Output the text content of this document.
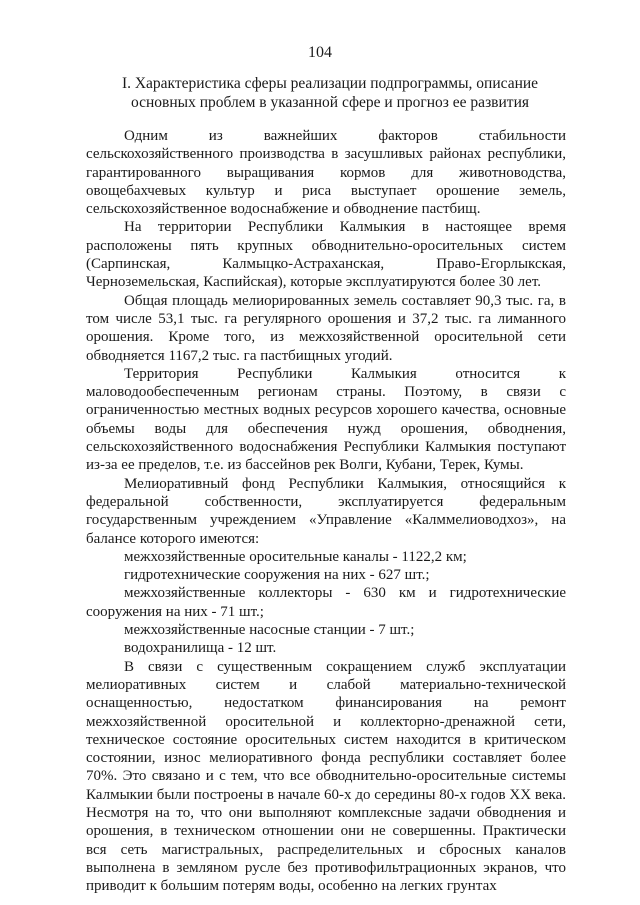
104
I. Характеристика сферы реализации подпрограммы, описание основных проблем в указанной сфере и прогноз ее развития

Одним из важнейших факторов стабильности сельскохозяйственного производства в засушливых районах республики, гарантированного выращивания кормов для животноводства, овощебахчевых культур и риса выступает орошение земель, сельскохозяйственное водоснабжение и обводнение пастбищ.

На территории Республики Калмыкия в настоящее время расположены пять крупных обводнительно-оросительных систем (Сарпинская, Калмыцко-Астраханская, Право-Егорлыкская, Черноземельская, Каспийская), которые эксплуатируются более 30 лет.

Общая площадь мелиорированных земель составляет 90,3 тыс. га, в том числе 53,1 тыс. га регулярного орошения и 37,2 тыс. га лиманного орошения. Кроме того, из межхозяйственной оросительной сети обводняется 1167,2 тыс. га пастбищных угодий.

Территория Республики Калмыкия относится к маловодообеспеченным регионам страны. Поэтому, в связи с ограниченностью местных водных ресурсов хорошего качества, основные объемы воды для обеспечения нужд орошения, обводнения, сельскохозяйственного водоснабжения Республики Калмыкия поступают из-за ее пределов, т.е. из бассейнов рек Волги, Кубани, Терек, Кумы.

Мелиоративный фонд Республики Калмыкия, относящийся к федеральной собственности, эксплуатируется федеральным государственным учреждением «Управление «Калммелиоводхоз», на балансе которого имеются:

межхозяйственные оросительные каналы - 1122,2 км;

гидротехнические сооружения на них - 627 шт.;

межхозяйственные коллекторы - 630 км и гидротехнические сооружения на них - 71 шт.;

межхозяйственные насосные станции - 7 шт.;

водохранилища - 12 шт.

В связи с существенным сокращением служб эксплуатации мелиоративных систем и слабой материально-технической оснащенностью, недостатком финансирования на ремонт межхозяйственной оросительной и коллекторно-дренажной сети, техническое состояние оросительных систем находится в критическом состоянии, износ мелиоративного фонда республики составляет более 70%. Это связано и с тем, что все обводнительно-оросительные системы Калмыкии были построены в начале 60-х до середины 80-х годов XX века. Несмотря на то, что они выполняют комплексные задачи обводнения и орошения, в техническом отношении они не совершенны. Практически вся сеть магистральных, распределительных и сбросных каналов выполнена в земляном русле без противофильтрационных экранов, что приводит к большим потерям воды, особенно на легких грунтах
